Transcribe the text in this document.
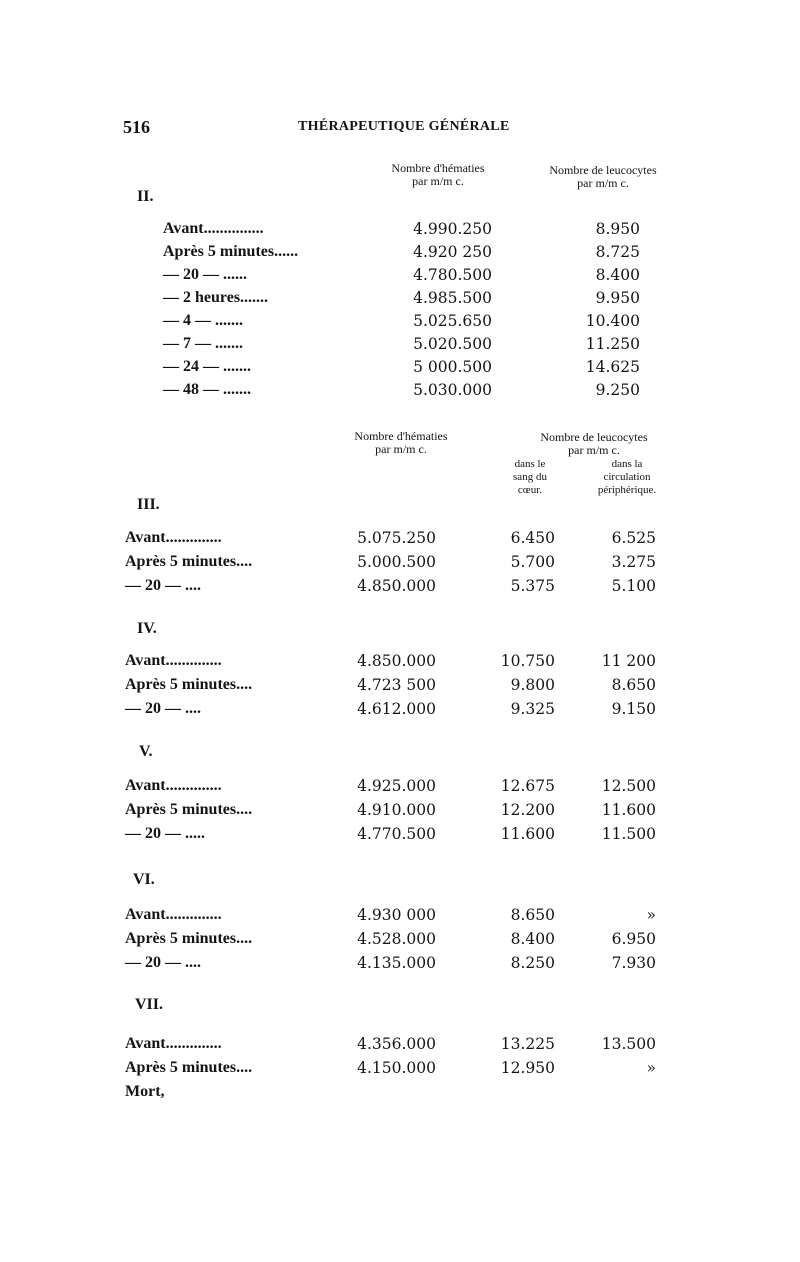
516	THÉRAPEUTIQUE GÉNÉRALE
Nombre d'hématies
par m/m c.
Nombre de leucocytes
par m/m c.
II.
Avant...............	4.990.250	8.950
Après 5 minutes......	4.920 250	8.725
— 20 — ......	4.780.500	8.400
— 2 heures.......	4.985.500	9.950
— 4 — .......	5.025.650	10.400
— 7 — .......	5.020.500	11.250
— 24 — .......	5 000.500	14.625
— 48 — .......	5.030.000	9.250
Nombre d'hématies
par m/m c.
Nombre de leucocytes
par m/m c.
dans le
sang du
cœur.
dans la
circulation
périphérique.
III.
IV.
V.
VI.
VII.
Avant..............	5.075.250	6.450	6.525
Après 5 minutes....	5.000.500	5.700	3.275
— 20 — ....	4.850.000	5.375	5.100
Avant..............	4.850.000	10.750	11 200
Après 5 minutes....	4.723 500	9.800	8.650
— 20 — ....	4.612.000	9.325	9.150
Avant..............	4.925.000	12.675	12.500
Après 5 minutes....	4.910.000	12.200	11.600
— 20 — .....	4.770.500	11.600	11.500
Avant..............	4.930 000	8.650	»
Après 5 minutes....	4.528.000	8.400	6.950
— 20 — ....	4.135.000	8.250	7.930
Avant..............	4.356.000	13.225	13.500
Après 5 minutes....	4.150.000	12.950	»
Mort,
